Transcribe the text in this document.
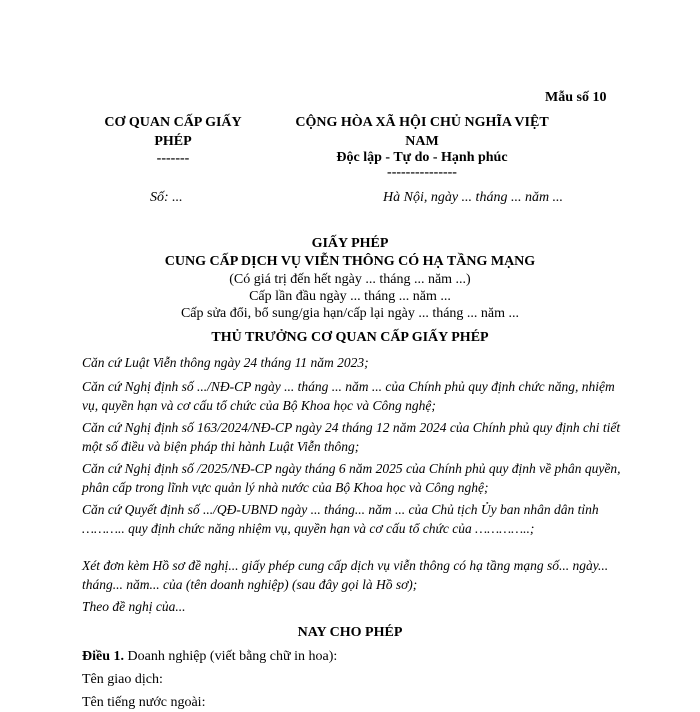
Mẫu số 10
CƠ QUAN CẤP GIẤY PHÉP
-------
Số: ...
CỘNG HÒA XÃ HỘI CHỦ NGHĨA VIỆT NAM
Độc lập - Tự do - Hạnh phúc
---------------
Hà Nội, ngày ... tháng ... năm ...
GIẤY PHÉP
CUNG CẤP DỊCH VỤ VIỄN THÔNG CÓ HẠ TẦNG MẠNG
(Có giá trị đến hết ngày ... tháng ... năm ...)
Cấp lần đầu ngày ... tháng ... năm ...
Cấp sửa đổi, bổ sung/gia hạn/cấp lại ngày ... tháng ... năm ...
THỦ TRƯỞNG CƠ QUAN CẤP GIẤY PHÉP
Căn cứ Luật Viễn thông ngày 24 tháng 11 năm 2023;
Căn cứ Nghị định số .../NĐ-CP ngày ... tháng ... năm ... của Chính phủ quy định chức năng, nhiệm vụ, quyền hạn và cơ cấu tổ chức của Bộ Khoa học và Công nghệ;
Căn cứ Nghị định số 163/2024/NĐ-CP ngày 24 tháng 12 năm 2024 của Chính phủ quy định chi tiết một số điều và biện pháp thi hành Luật Viễn thông;
Căn cứ Nghị định số /2025/NĐ-CP ngày tháng 6 năm 2025 của Chính phủ quy định về phân quyền, phân cấp trong lĩnh vực quản lý nhà nước của Bộ Khoa học và Công nghệ;
Căn cứ Quyết định số .../QĐ-UBND ngày ... tháng... năm ... của Chủ tịch Ủy ban nhân dân tỉnh ……….. quy định chức năng nhiệm vụ, quyền hạn và cơ cấu tổ chức của …………..;
Xét đơn kèm Hồ sơ đề nghị... giấy phép cung cấp dịch vụ viễn thông có hạ tầng mạng số... ngày... tháng... năm... của (tên doanh nghiệp) (sau đây gọi là Hồ sơ);
Theo đề nghị của...
NAY CHO PHÉP
Điều 1. Doanh nghiệp (viết bằng chữ in hoa):
Tên giao dịch:
Tên tiếng nước ngoài:
